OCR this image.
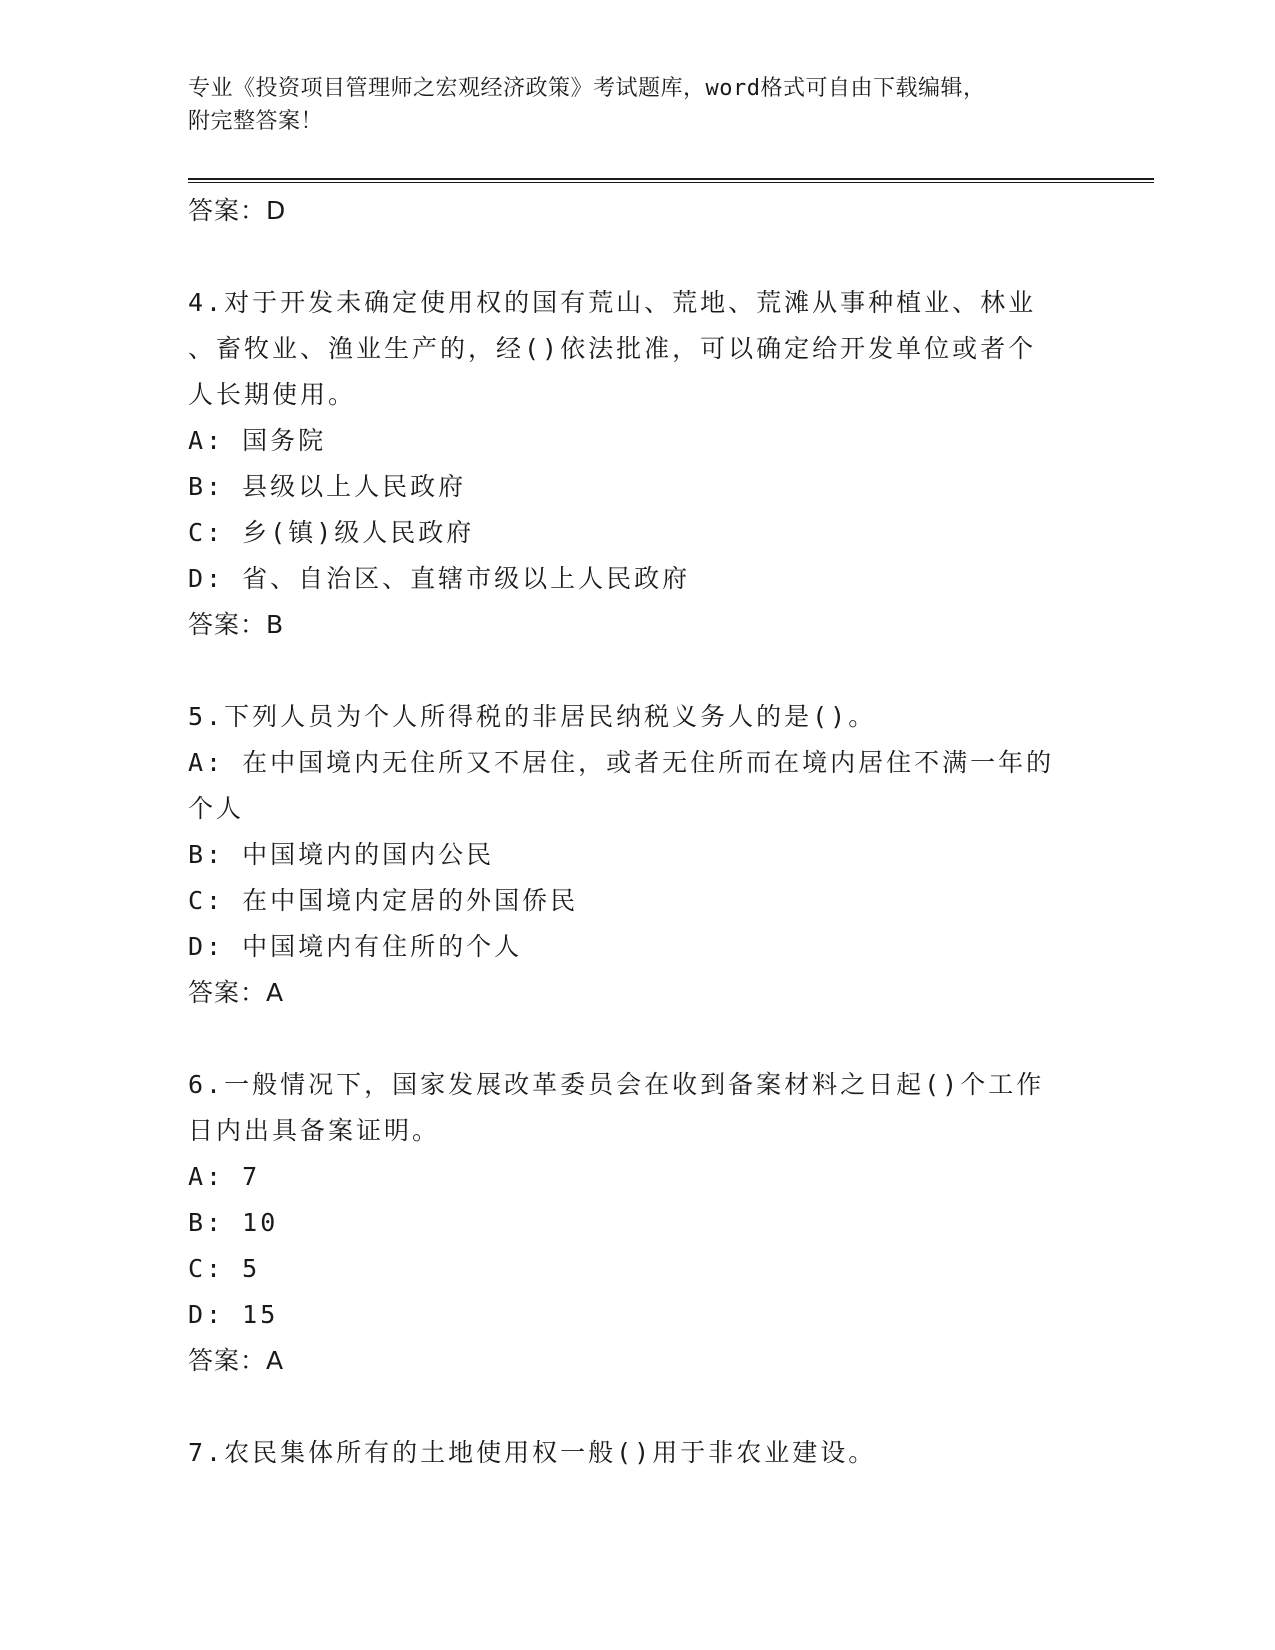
专业《投资项目管理师之宏观经济政策》考试题库，word格式可自由下载编辑，
附完整答案！

答案：D

4.对于开发未确定使用权的国有荒山、荒地、荒滩从事种植业、林业

、畜牧业、渔业生产的，经()依法批准，可以确定给开发单位或者个

人长期使用。

A: 国务院

B: 县级以上人民政府

C: 乡(镇)级人民政府

D: 省、自治区、直辖市级以上人民政府

答案：B

5.下列人员为个人所得税的非居民纳税义务人的是()。

A: 在中国境内无住所又不居住，或者无住所而在境内居住不满一年的

个人

B: 中国境内的国内公民

C: 在中国境内定居的外国侨民

D: 中国境内有住所的个人

答案：A

6.一般情况下，国家发展改革委员会在收到备案材料之日起()个工作

日内出具备案证明。

A: 7

B: 10

C: 5

D: 15

答案：A

7.农民集体所有的土地使用权一般()用于非农业建设。
